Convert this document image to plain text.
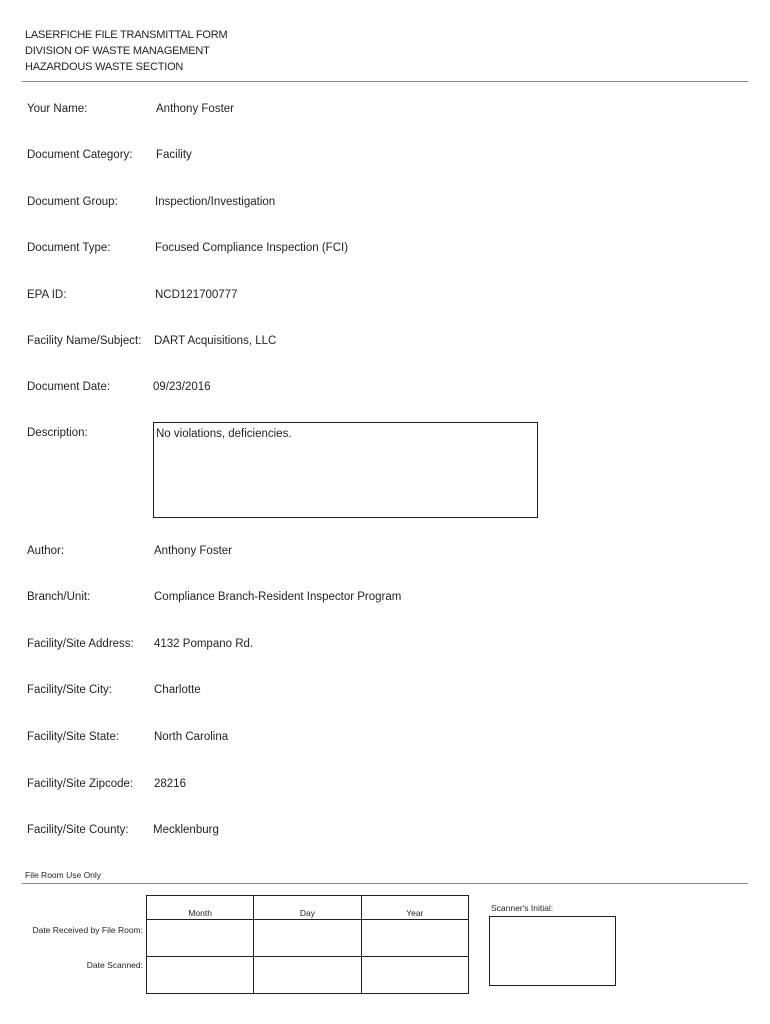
LASERFICHE FILE TRANSMITTAL FORM
DIVISION OF WASTE MANAGEMENT
HAZARDOUS WASTE SECTION
Your Name:	Anthony Foster
Document Category: Facility
Document Group:	Inspection/Investigation
Document Type:	Focused Compliance Inspection (FCI)
EPA ID:	NCD121700777
Facility Name/Subject: DART Acquisitions, LLC
Document Date:	09/23/2016
Description:	No violations, deficiencies.
Author:	Anthony Foster
Branch/Unit:	Compliance Branch-Resident Inspector Program
Facility/Site Address: 4132 Pompano Rd.
Facility/Site City:	Charlotte
Facility/Site State:	North Carolina
Facility/Site Zipcode: 28216
Facility/Site County: Mecklenburg
File Room Use Only
Date Received by File Room:
Date Scanned:
Month	Day	Year

			Scanner's Initial:
